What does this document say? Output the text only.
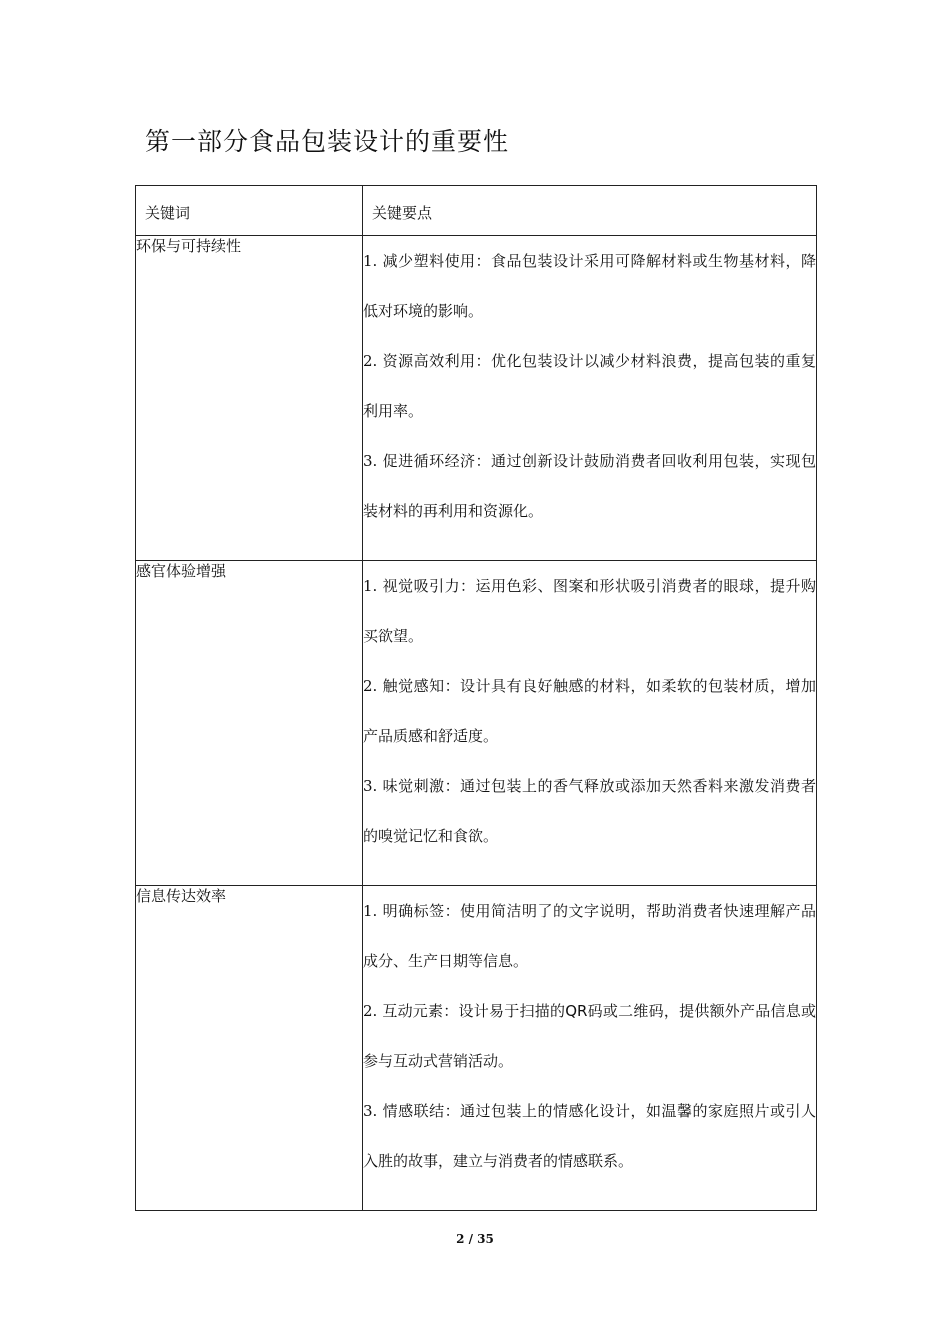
第一部分食品包装设计的重要性
关键词	关键要点
环保与可持续性	1. 减少塑料使用：食品包装设计采用可降解材料或生物基材料，降低对环境的影响。

2. 资源高效利用：优化包装设计以减少材料浪费，提高包装的重复利用率。

3. 促进循环经济：通过创新设计鼓励消费者回收利用包装，实现包装材料的再利用和资源化。

感官体验增强	1. 视觉吸引力：运用色彩、图案和形状吸引消费者的眼球，提升购买欲望。

2. 触觉感知：设计具有良好触感的材料，如柔软的包装材质，增加产品质感和舒适度。

3. 味觉刺激：通过包装上的香气释放或添加天然香料来激发消费者的嗅觉记忆和食欲。

信息传达效率	1. 明确标签：使用简洁明了的文字说明，帮助消费者快速理解产品成分、生产日期等信息。

2. 互动元素：设计易于扫描的QR码或二维码，提供额外产品信息或参与互动式营销活动。

3. 情感联结：通过包装上的情感化设计，如温馨的家庭照片或引人入胜的故事，建立与消费者的情感联系。

2 / 35
